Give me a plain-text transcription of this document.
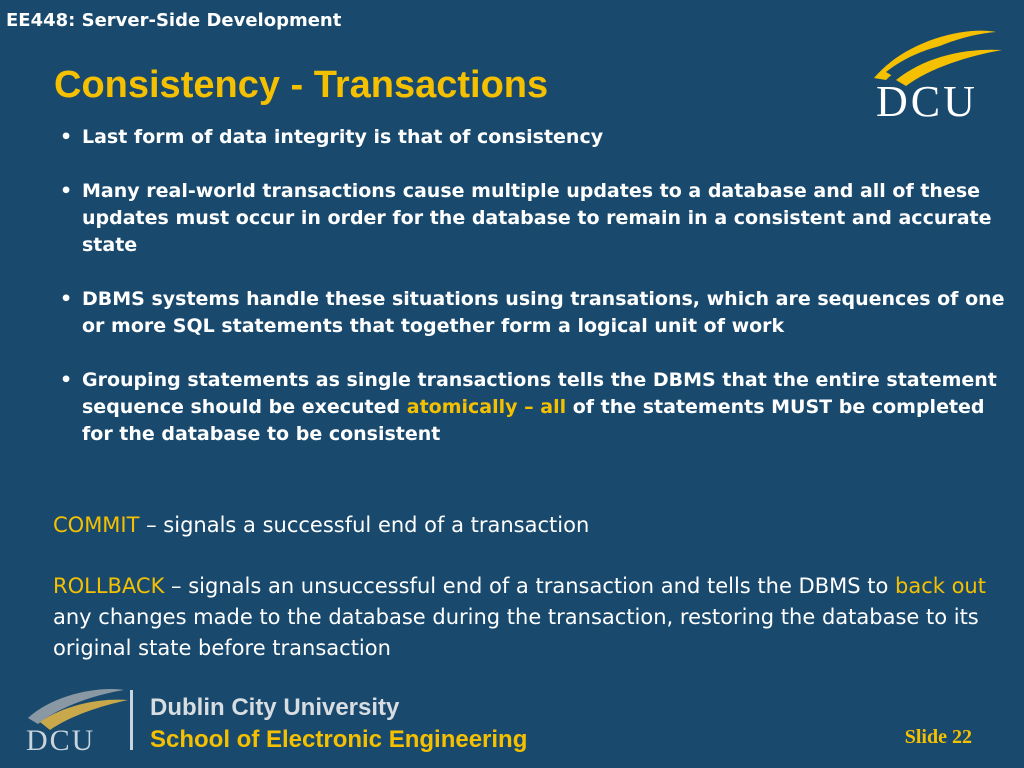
EE448: Server-Side Development
Consistency - Transactions	DCU
• Last form of data integrity is that of consistency
• Many real-world transactions cause multiple updates to a database and all of these updates must occur in order for the database to remain in a consistent and accurate state
• DBMS systems handle these situations using transations, which are sequences of one or more SQL statements that together form a logical unit of work
• Grouping statements as single transactions tells the DBMS that the entire statement sequence should be executed atomically – all of the statements MUST be completed for the database to be consistent

COMMIT – signals a successful end of a transaction

ROLLBACK – signals an unsuccessful end of a transaction and tells the DBMS to back out any changes made to the database during the transaction, restoring the database to its original state before transaction

DCU
Dublin City University
School of Electronic Engineering	Slide 22
